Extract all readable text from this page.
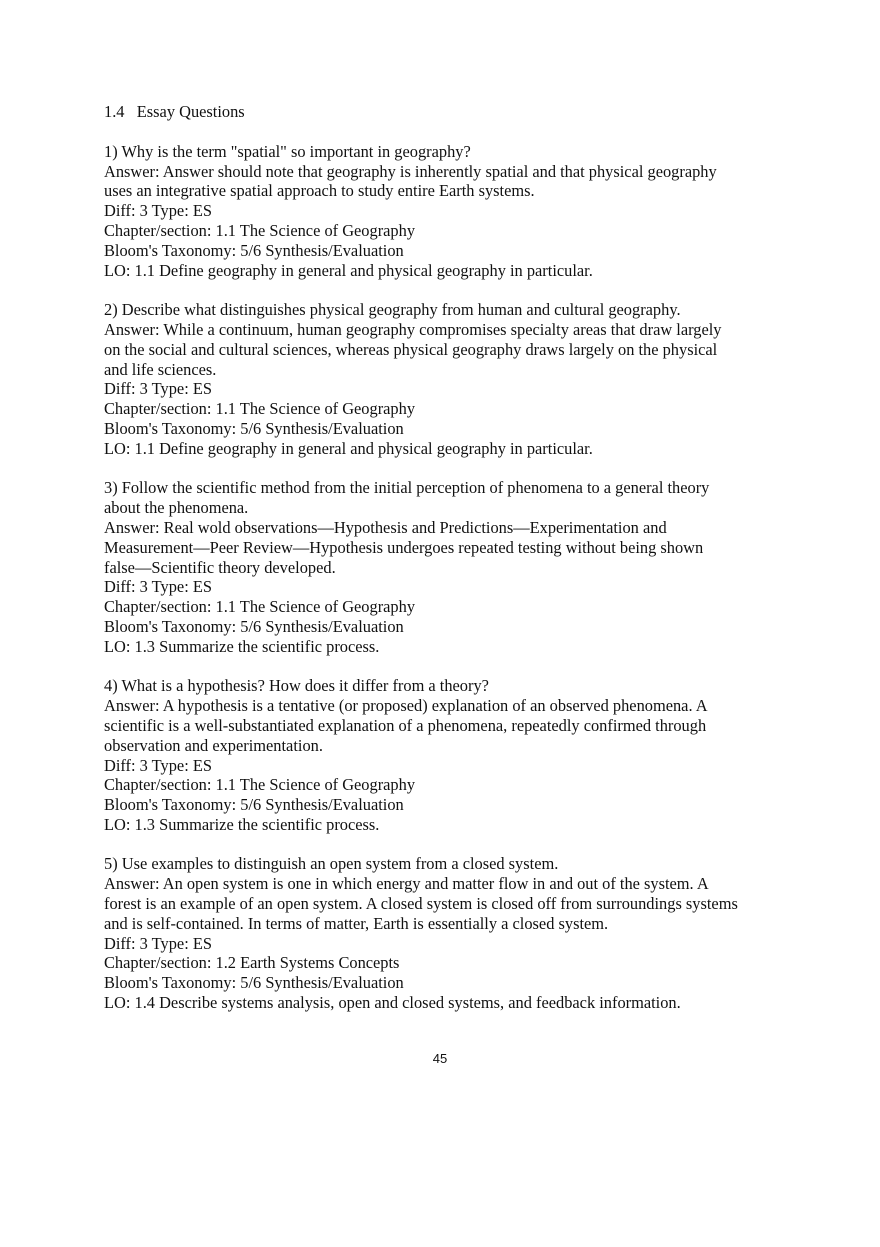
1.4   Essay Questions
1) Why is the term "spatial" so important in geography?
Answer: Answer should note that geography is inherently spatial and that physical geography
uses an integrative spatial approach to study entire Earth systems.
Diff: 3 Type: ES
Chapter/section: 1.1 The Science of Geography
Bloom's Taxonomy: 5/6 Synthesis/Evaluation
LO: 1.1 Define geography in general and physical geography in particular.
2) Describe what distinguishes physical geography from human and cultural geography.
Answer: While a continuum, human geography compromises specialty areas that draw largely
on the social and cultural sciences, whereas physical geography draws largely on the physical
and life sciences.
Diff: 3 Type: ES
Chapter/section: 1.1 The Science of Geography
Bloom's Taxonomy: 5/6 Synthesis/Evaluation
LO: 1.1 Define geography in general and physical geography in particular.
3) Follow the scientific method from the initial perception of phenomena to a general theory
about the phenomena.
Answer: Real wold observations—Hypothesis and Predictions—Experimentation and
Measurement—Peer Review—Hypothesis undergoes repeated testing without being shown
false—Scientific theory developed.
Diff: 3 Type: ES
Chapter/section: 1.1 The Science of Geography
Bloom's Taxonomy: 5/6 Synthesis/Evaluation
LO: 1.3 Summarize the scientific process.
4) What is a hypothesis? How does it differ from a theory?
Answer: A hypothesis is a tentative (or proposed) explanation of an observed phenomena. A
scientific is a well-substantiated explanation of a phenomena, repeatedly confirmed through
observation and experimentation.
Diff: 3 Type: ES
Chapter/section: 1.1 The Science of Geography
Bloom's Taxonomy: 5/6 Synthesis/Evaluation
LO: 1.3 Summarize the scientific process.
5) Use examples to distinguish an open system from a closed system.
Answer: An open system is one in which energy and matter flow in and out of the system. A
forest is an example of an open system. A closed system is closed off from surroundings systems
and is self-contained. In terms of matter, Earth is essentially a closed system.
Diff: 3 Type: ES
Chapter/section: 1.2 Earth Systems Concepts
Bloom's Taxonomy: 5/6 Synthesis/Evaluation
LO: 1.4 Describe systems analysis, open and closed systems, and feedback information.
45
